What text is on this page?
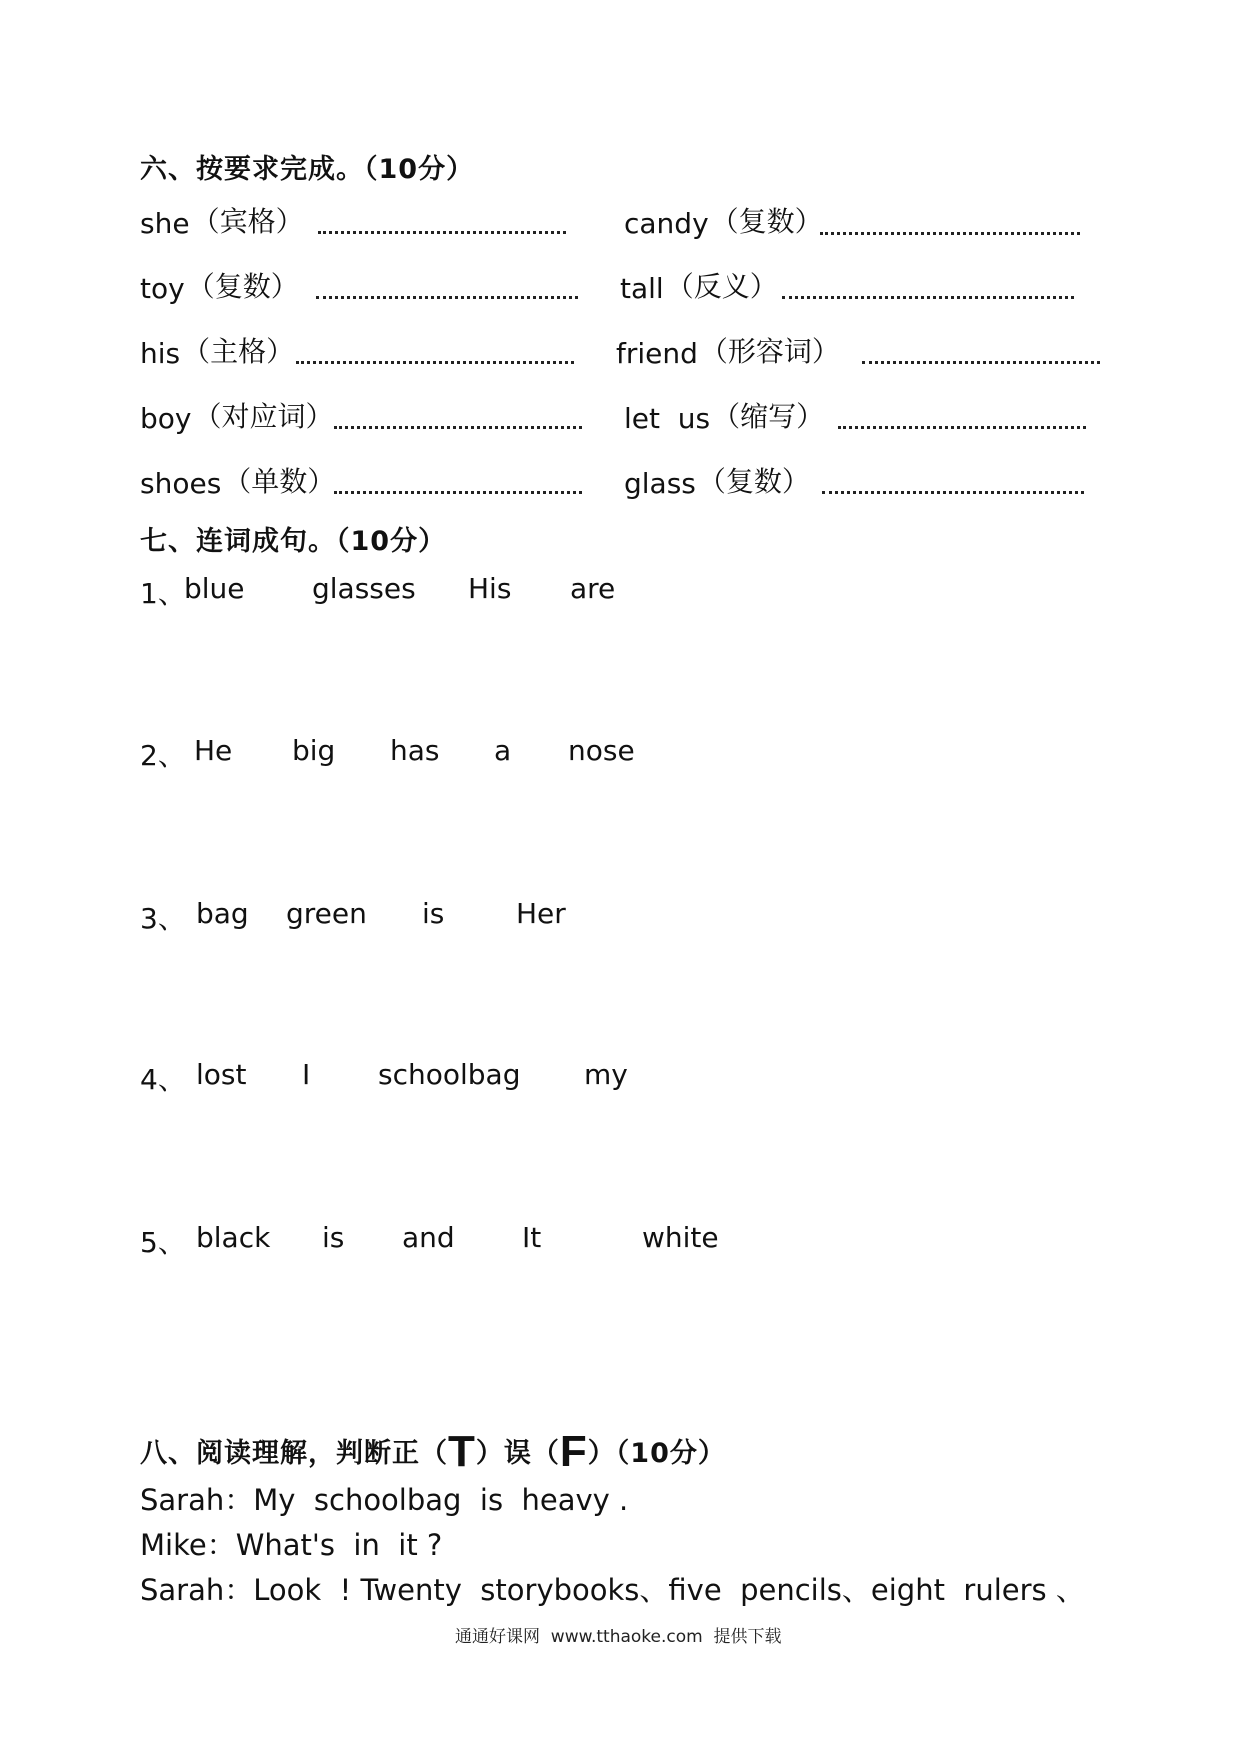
六、按要求完成。（10分）
she （宾格）	candy （复数）
toy （复数）	tall （反义）
his （主格）	friend （形容词）
boy （对应词）	let  us （缩写）
shoes （单数）	glass （复数）
七、连词成句。（10分）
1、
blue glasses His are
2、 He big has a nose
3、 bag green is	Her
4、 lost I schoolbag my
5、 black is and It	white
八、阅读理解，判断正（T）误（F）（10分）
Sarah：My  schoolbag  is  heavy .
Mike：What's  in  it ?
Sarah：Look  ! Twenty  storybooks、five  pencils、eight  rulers 、
通通好课网  www.tthaoke.com  提供下载
